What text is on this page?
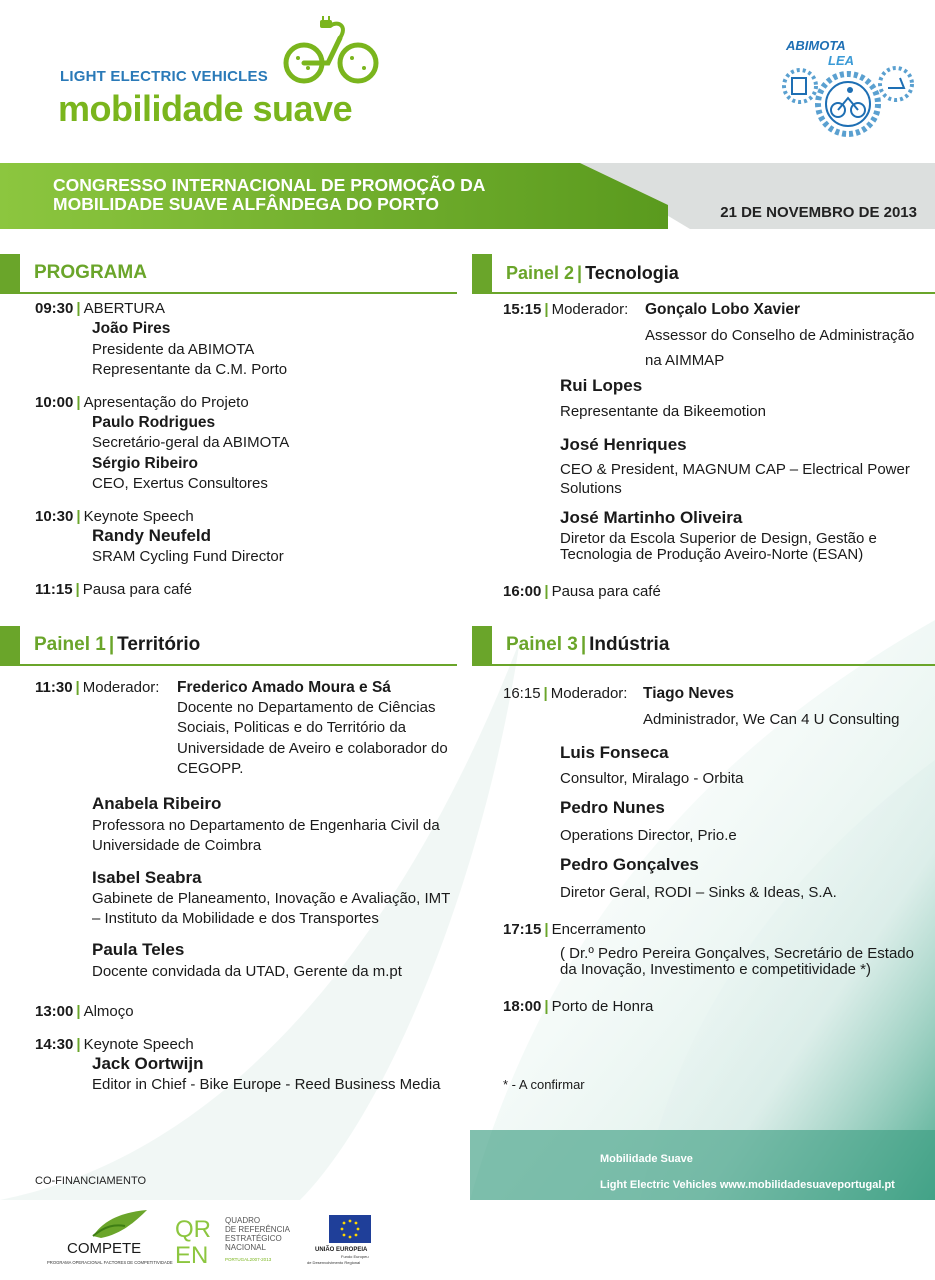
LIGHT ELECTRIC VEHICLES
mobilidade suave
ABIMOTA
LEA
CONGRESSO INTERNACIONAL DE PROMOÇÃO DA
MOBILIDADE SUAVE ALFÂNDEGA DO PORTO	21 DE NOVEMBRO DE 2013
PROGRAMA
09:30 | ABERTURA
João Pires
Presidente da ABIMOTA
Representante da C.M. Porto
10:00 | Apresentação do Projeto
Paulo Rodrigues
Secretário-geral da ABIMOTA
Sérgio Ribeiro
CEO, Exertus Consultores
10:30 | Keynote Speech
Randy Neufeld
SRAM Cycling Fund Director
11:15 | Pausa para café
Painel 1 | Território
11:30 | Moderador: Frederico Amado Moura e Sá
Docente no Departamento de Ciências
Sociais, Politicas e do Território da
Universidade de Aveiro e colaborador do
CEGOPP.
Anabela Ribeiro
Professora no Departamento de Engenharia Civil da
Universidade de Coimbra
Isabel Seabra
Gabinete de Planeamento, Inovação e Avaliação, IMT
– Instituto da Mobilidade e dos Transportes
Paula Teles
Docente convidada da UTAD, Gerente da m.pt
13:00 | Almoço
14:30 | Keynote Speech
Jack Oortwijn
Editor in Chief - Bike Europe - Reed Business Media
Painel 2 | Tecnologia
15:15 | Moderador: Gonçalo Lobo Xavier
Assessor do Conselho de Administração
na AIMMAP
Rui Lopes
Representante da Bikeemotion
José Henriques
CEO & President, MAGNUM CAP – Electrical Power
Solutions
José Martinho Oliveira
Diretor da Escola Superior de Design, Gestão e
Tecnologia de Produção Aveiro-Norte (ESAN)
16:00 | Pausa para café
Painel 3 | Indústria
16:15 | Moderador: Tiago Neves
Administrador, We Can 4 U Consulting
Luis Fonseca
Consultor, Miralago - Orbita
Pedro Nunes
Operations Director, Prio.e
Pedro Gonçalves
Diretor Geral, RODI – Sinks & Ideas, S.A.
17:15 | Encerramento
( Dr.º Pedro Pereira Gonçalves, Secretário de Estado
da Inovação, Investimento e competitividade *)
18:00 | Porto de Honra
* - A confirmar
Mobilidade Suave
Light Electric Vehicles www.mobilidadesuaveportugal.pt
CO-FINANCIAMENTO
COMPETE
PROGRAMA OPERACIONAL FACTORES DE COMPETITIVIDADE
QR
EN
QUADRO
DE REFERÊNCIA
ESTRATÉGICO
NACIONAL
PORTUGAL2007-2013
UNIÃO EUROPEIA
Fundo Europeu
de Desenvolvimento Regional
